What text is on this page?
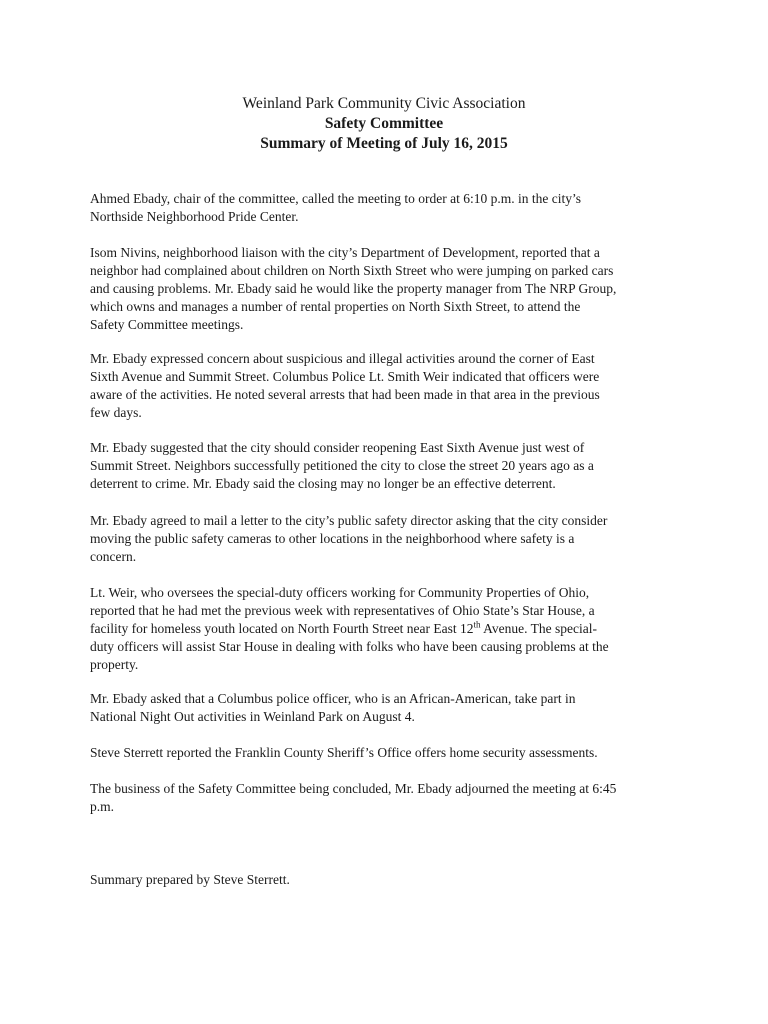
Weinland Park Community Civic Association
Safety Committee
Summary of Meeting of July 16, 2015

Ahmed Ebady, chair of the committee, called the meeting to order at 6:10 p.m. in the city’s
Northside Neighborhood Pride Center.

Isom Nivins, neighborhood liaison with the city’s Department of Development, reported that a
neighbor had complained about children on North Sixth Street who were jumping on parked cars
and causing problems. Mr. Ebady said he would like the property manager from The NRP Group,
which owns and manages a number of rental properties on North Sixth Street, to attend the
Safety Committee meetings.

Mr. Ebady expressed concern about suspicious and illegal activities around the corner of East
Sixth Avenue and Summit Street. Columbus Police Lt. Smith Weir indicated that officers were
aware of the activities. He noted several arrests that had been made in that area in the previous
few days.

Mr. Ebady suggested that the city should consider reopening East Sixth Avenue just west of
Summit Street. Neighbors successfully petitioned the city to close the street 20 years ago as a
deterrent to crime. Mr. Ebady said the closing may no longer be an effective deterrent.

Mr. Ebady agreed to mail a letter to the city’s public safety director asking that the city consider
moving the public safety cameras to other locations in the neighborhood where safety is a
concern.

Lt. Weir, who oversees the special-duty officers working for Community Properties of Ohio,
reported that he had met the previous week with representatives of Ohio State’s Star House, a
facility for homeless youth located on North Fourth Street near East 12th Avenue. The special-
duty officers will assist Star House in dealing with folks who have been causing problems at the
property.

Mr. Ebady asked that a Columbus police officer, who is an African-American, take part in
National Night Out activities in Weinland Park on August 4.

Steve Sterrett reported the Franklin County Sheriff’s Office offers home security assessments.

The business of the Safety Committee being concluded, Mr. Ebady adjourned the meeting at 6:45
p.m.

Summary prepared by Steve Sterrett.
